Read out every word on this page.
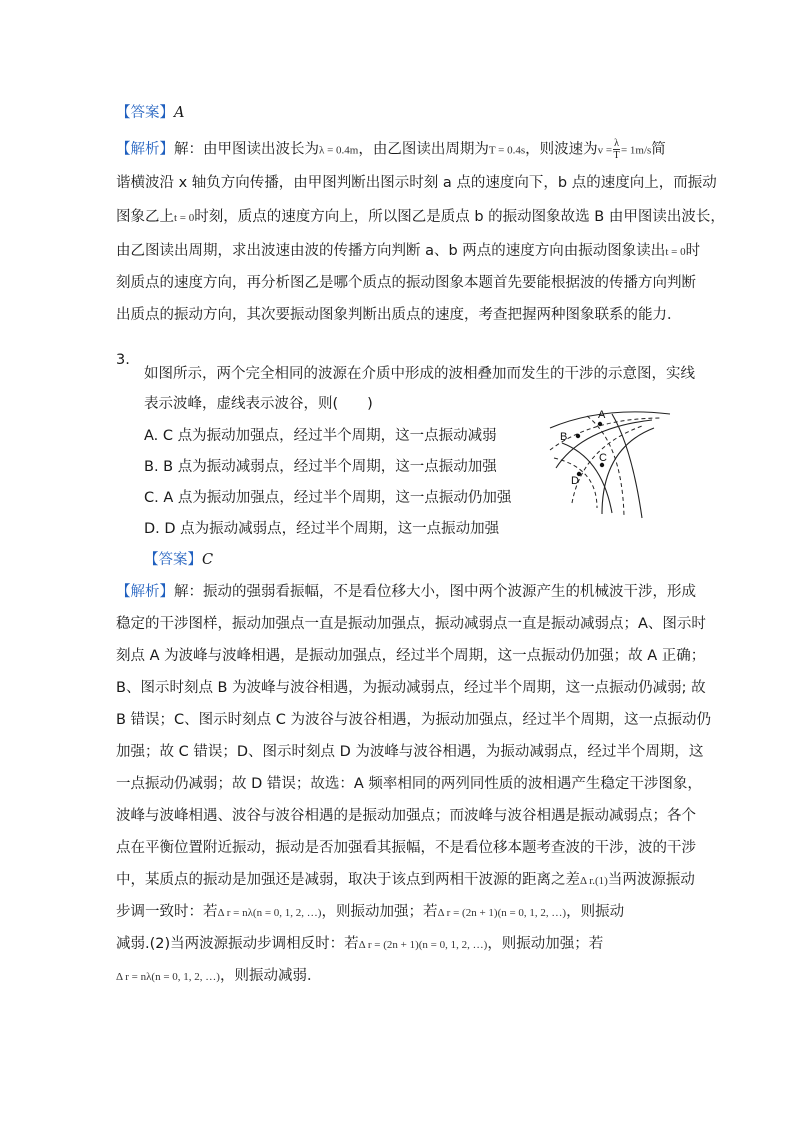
【答案】A
【解析】解：由甲图读出波长为λ = 0.4m，由乙图读出周期为T = 0.4s，则波速为$v = \frac{\lambda}{T} = 1m/s$简
谐横波沿 x 轴负方向传播，由甲图判断出图示时刻 a 点的速度向下，b 点的速度向上，而振动
图象乙上t = 0时刻，质点的速度方向上，所以图乙是质点 b 的振动图象故选 B 由甲图读出波长，
由乙图读出周期，求出波速由波的传播方向判断 a、b 两点的速度方向由振动图象读出t = 0时
刻质点的速度方向，再分析图乙是哪个质点的振动图象本题首先要能根据波的传播方向判断
出质点的振动方向，其次要振动图象判断出质点的速度，考查把握两种图象联系的能力．
3.
如图所示，两个完全相同的波源在介质中形成的波相叠加而发生的干涉的示意图，实线
表示波峰，虚线表示波谷，则(　　)
A. C 点为振动加强点，经过半个周期，这一点振动减弱
B. B 点为振动减弱点，经过半个周期，这一点振动加强
C. A 点为振动加强点，经过半个周期，这一点振动仍加强
D. D 点为振动减弱点，经过半个周期，这一点振动加强
A
B
C
D
【答案】C
【解析】解：振动的强弱看振幅，不是看位移大小，图中两个波源产生的机械波干涉，形成
稳定的干涉图样，振动加强点一直是振动加强点，振动减弱点一直是振动减弱点；A、图示时
刻点 A 为波峰与波峰相遇，是振动加强点，经过半个周期，这一点振动仍加强；故 A 正确；
B、图示时刻点 B 为波峰与波谷相遇，为振动减弱点，经过半个周期，这一点振动仍减弱; 故
B 错误；C、图示时刻点 C 为波谷与波谷相遇，为振动加强点，经过半个周期，这一点振动仍
加强；故 C 错误；D、图示时刻点 D 为波峰与波谷相遇，为振动减弱点，经过半个周期，这
一点振动仍减弱；故 D 错误；故选：A 频率相同的两列同性质的波相遇产生稳定干涉图象，
波峰与波峰相遇、波谷与波谷相遇的是振动加强点；而波峰与波谷相遇是振动减弱点；各个
点在平衡位置附近振动，振动是否加强看其振幅，不是看位移本题考查波的干涉，波的干涉
中，某质点的振动是加强还是减弱，取决于该点到两相干波源的距离之差Δ r.(1)当两波源振动
步调一致时：若Δ r = nλ(n = 0, 1, 2, …)，则振动加强；若Δ r = (2n + 1)(n = 0, 1, 2, …)，则振动
减弱.(2)当两波源振动步调相反时：若Δ r = (2n + 1)(n = 0, 1, 2, …)，则振动加强；若
Δ r = nλ(n = 0, 1, 2, …)，则振动减弱．
